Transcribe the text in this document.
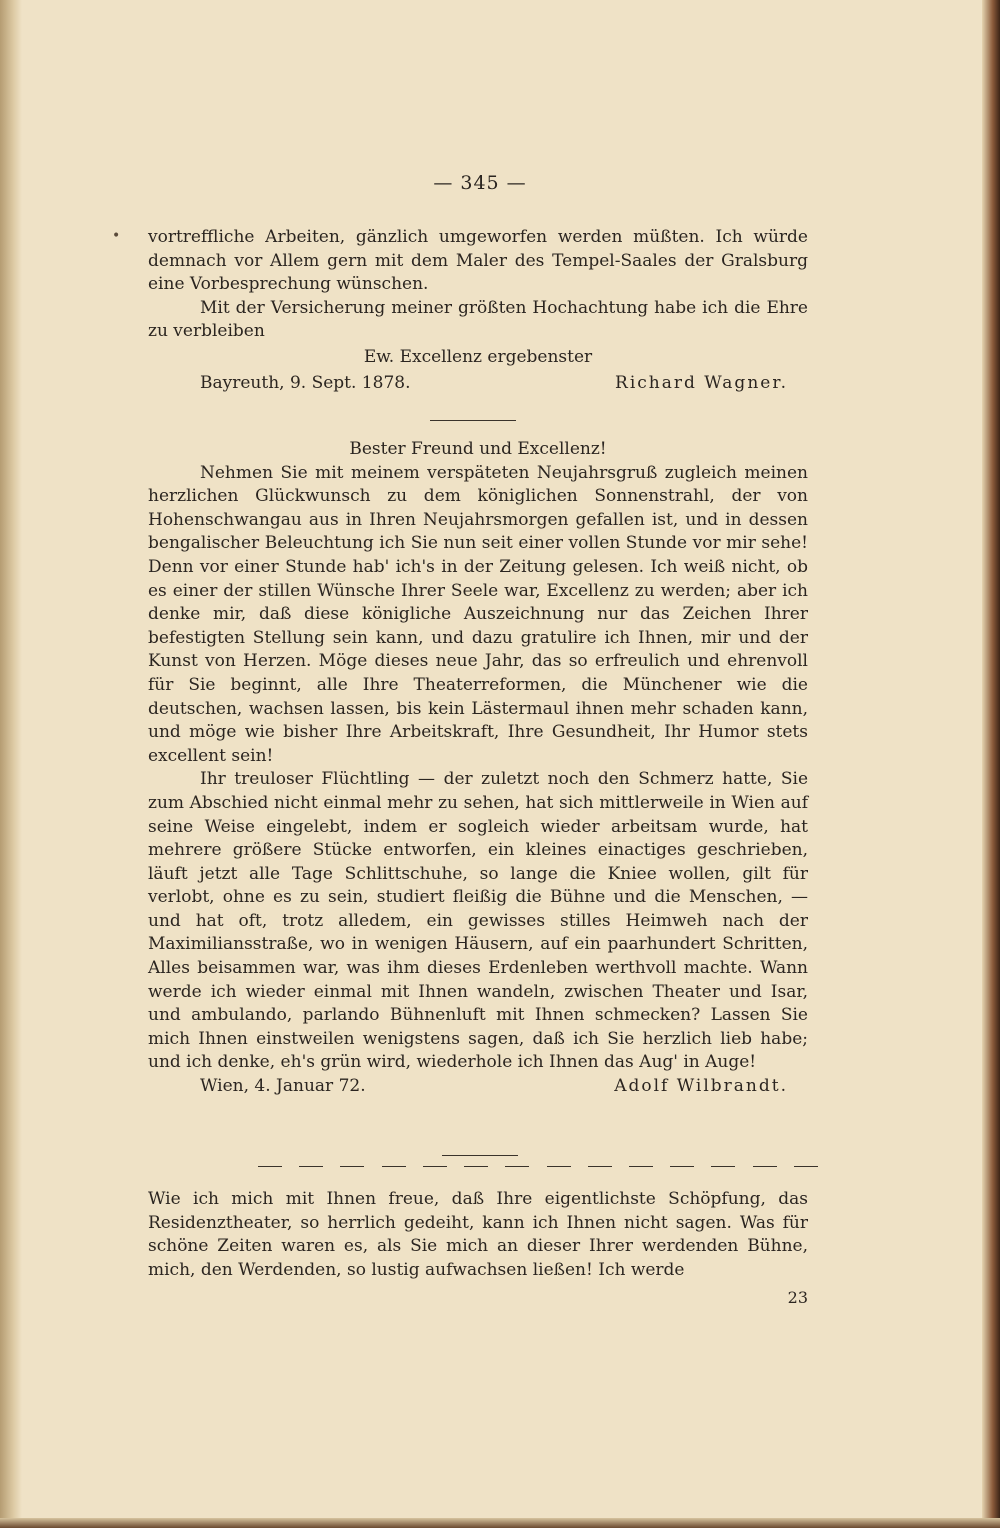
— 345 —
• vortreffliche Arbeiten, gänzlich umgeworfen werden müßten. Ich würde demnach vor Allem gern mit dem Maler des Tempel-Saales der Gralsburg eine Vorbesprechung wünschen.

Mit der Versicherung meiner größten Hochachtung habe ich die Ehre zu verbleiben

Ew. Excellenz ergebenster

Bayreuth, 9. Sept. 1878.	Richard Wagner.

Bester Freund und Excellenz!

Nehmen Sie mit meinem verspäteten Neujahrsgruß zugleich meinen herzlichen Glückwunsch zu dem königlichen Sonnenstrahl, der von Hohenschwangau aus in Ihren Neujahrsmorgen gefallen ist, und in dessen bengalischer Beleuchtung ich Sie nun seit einer vollen Stunde vor mir sehe! Denn vor einer Stunde hab' ich's in der Zeitung gelesen. Ich weiß nicht, ob es einer der stillen Wünsche Ihrer Seele war, Excellenz zu werden; aber ich denke mir, daß diese königliche Auszeichnung nur das Zeichen Ihrer befestigten Stellung sein kann, und dazu gratulire ich Ihnen, mir und der Kunst von Herzen. Möge dieses neue Jahr, das so erfreulich und ehrenvoll für Sie beginnt, alle Ihre Theaterreformen, die Münchener wie die deutschen, wachsen lassen, bis kein Lästermaul ihnen mehr schaden kann, und möge wie bisher Ihre Arbeitskraft, Ihre Gesundheit, Ihr Humor stets excellent sein!

Ihr treuloser Flüchtling — der zuletzt noch den Schmerz hatte, Sie zum Abschied nicht einmal mehr zu sehen, hat sich mittlerweile in Wien auf seine Weise eingelebt, indem er sogleich wieder arbeitsam wurde, hat mehrere größere Stücke entworfen, ein kleines einactiges geschrieben, läuft jetzt alle Tage Schlittschuhe, so lange die Kniee wollen, gilt für verlobt, ohne es zu sein, studiert fleißig die Bühne und die Menschen, — und hat oft, trotz alledem, ein gewisses stilles Heimweh nach der Maximiliansstraße, wo in wenigen Häusern, auf ein paarhundert Schritten, Alles beisammen war, was ihm dieses Erdenleben werthvoll machte. Wann werde ich wieder einmal mit Ihnen wandeln, zwischen Theater und Isar, und ambulando, parlando Bühnenluft mit Ihnen schmecken? Lassen Sie mich Ihnen einstweilen wenigstens sagen, daß ich Sie herzlich lieb habe; und ich denke, eh's grün wird, wiederhole ich Ihnen das Aug' in Auge!

Wien, 4. Januar 72.	Adolf Wilbrandt.

Wie ich mich mit Ihnen freue, daß Ihre eigentlichste Schöpfung, das Residenztheater, so herrlich gedeiht, kann ich Ihnen nicht sagen. Was für schöne Zeiten waren es, als Sie mich an dieser Ihrer werdenden Bühne, mich, den Werdenden, so lustig aufwachsen ließen! Ich werde

23
